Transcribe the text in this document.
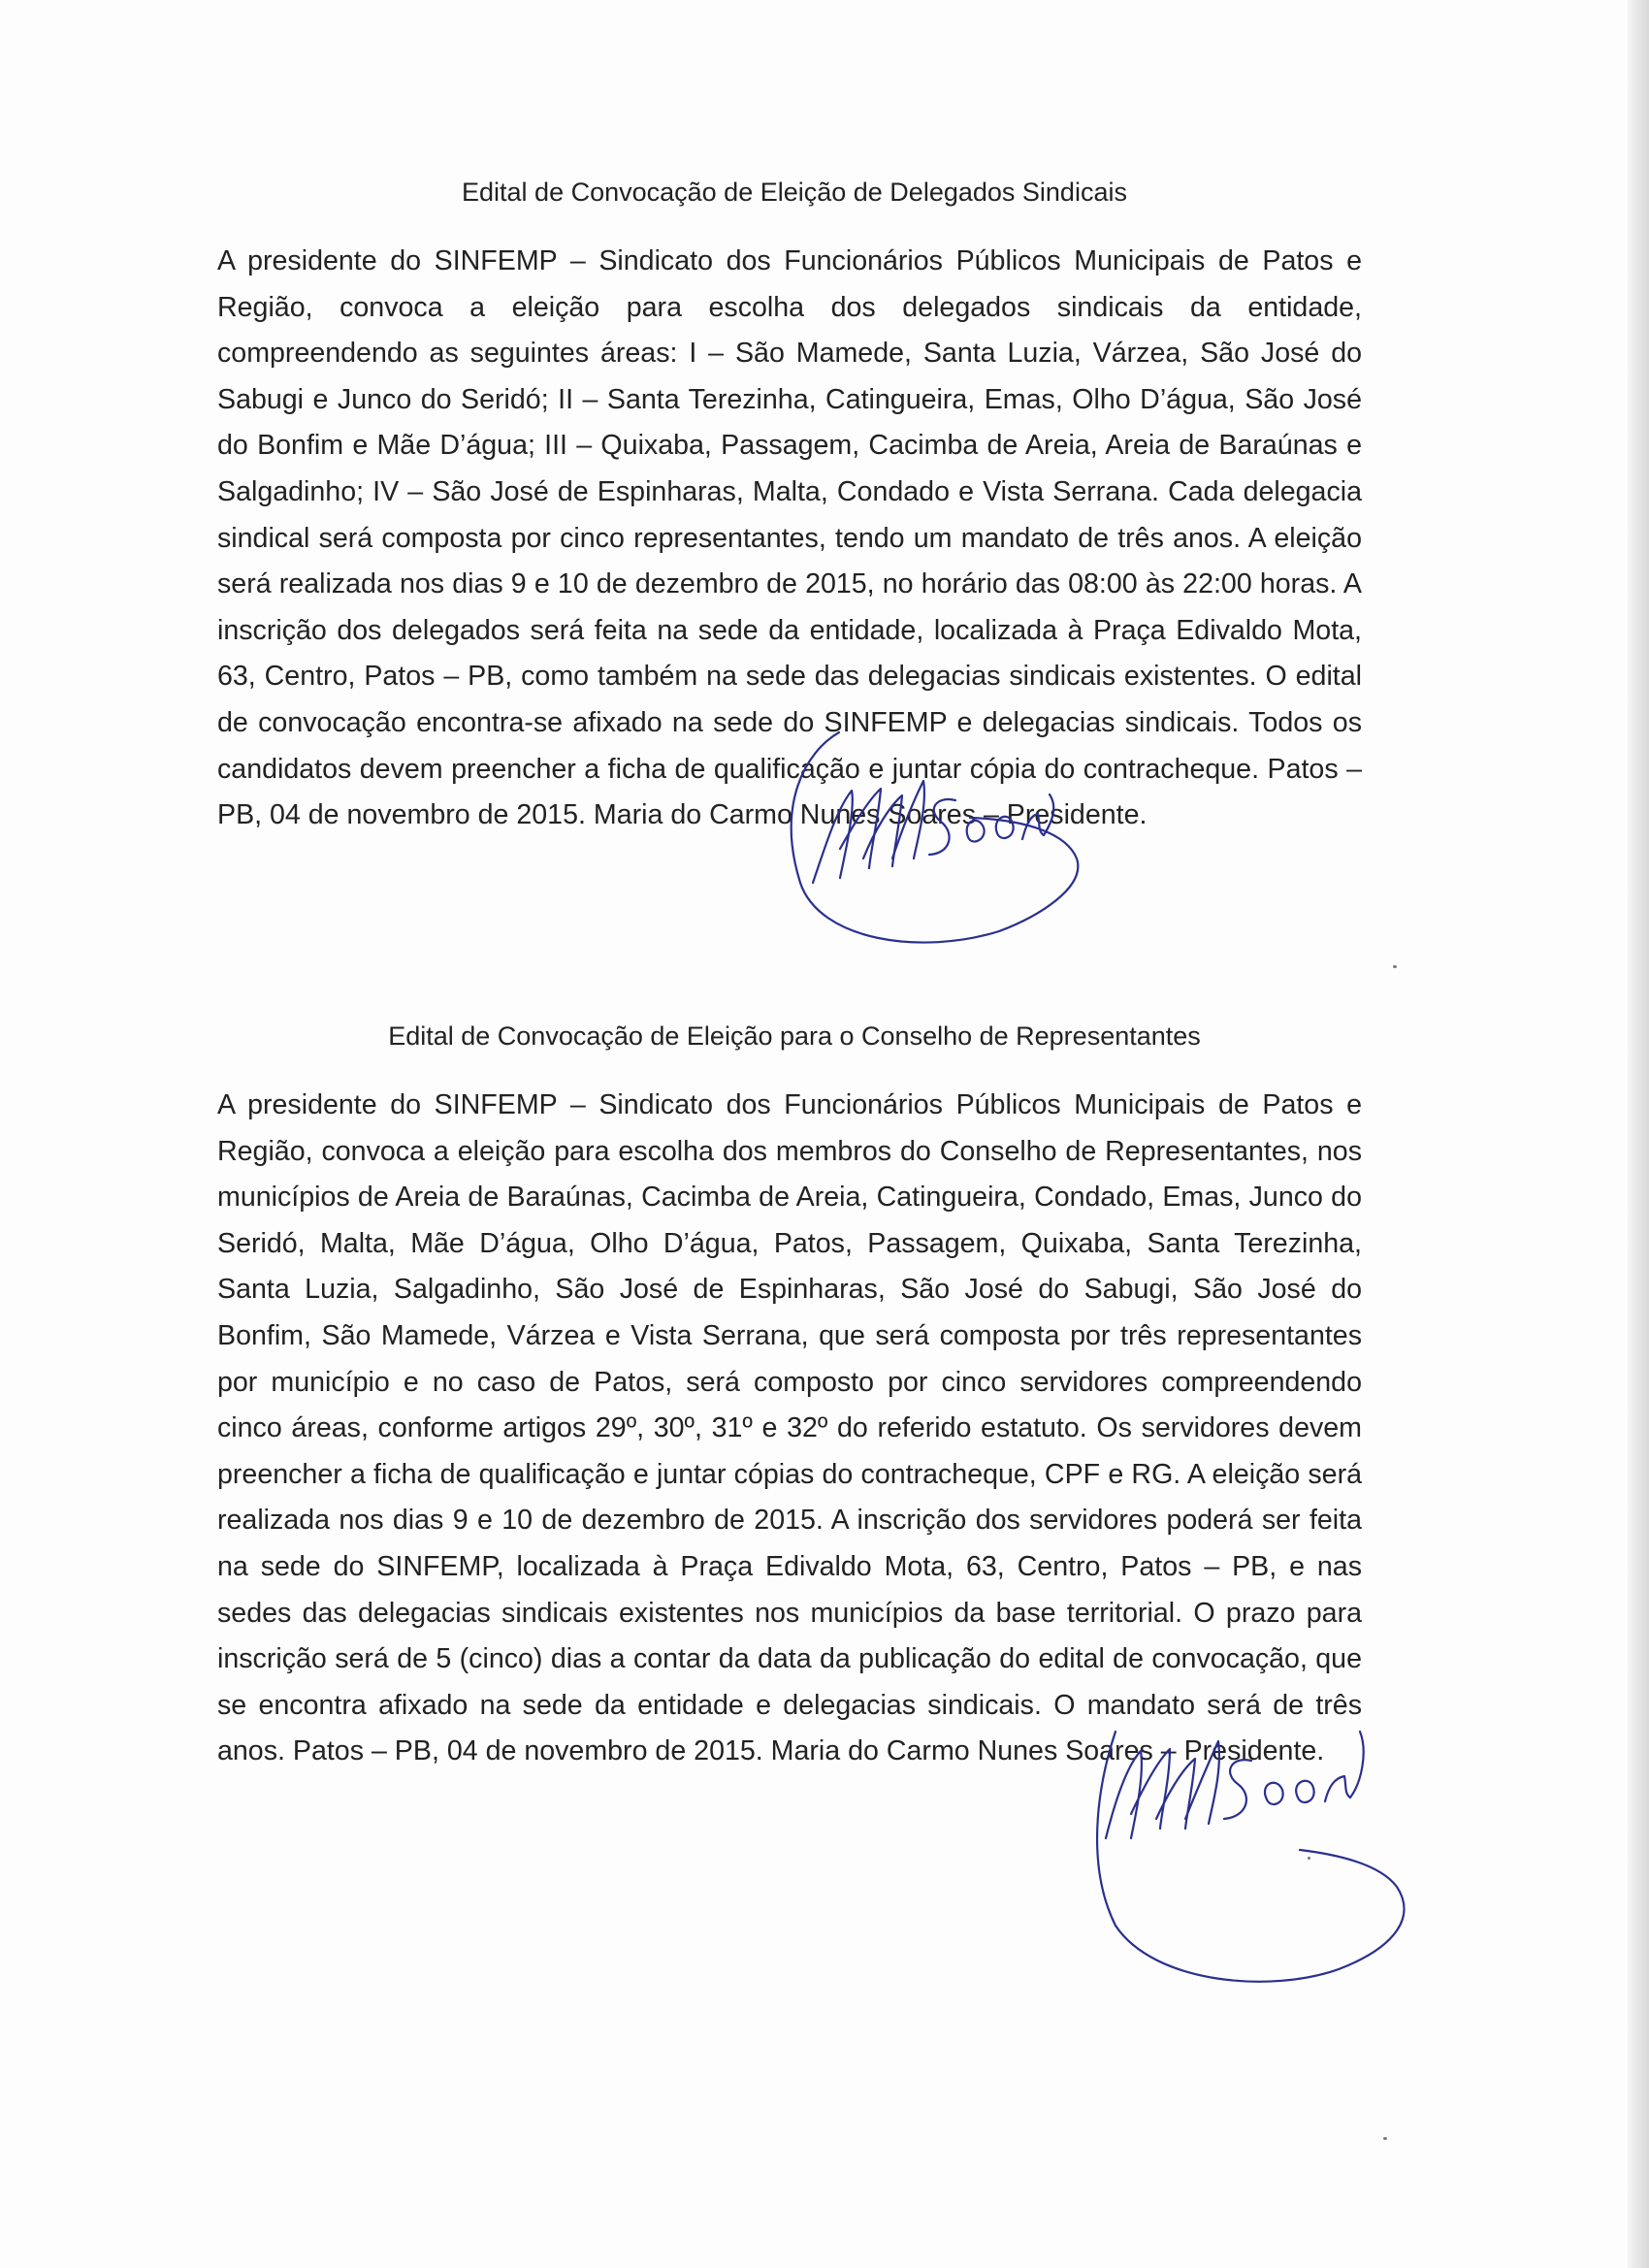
Edital de Convocação de Eleição de Delegados Sindicais

A presidente do SINFEMP – Sindicato dos Funcionários Públicos Municipais de Patos e Região, convoca a eleição para escolha dos delegados sindicais da entidade, compreendendo as seguintes áreas: I – São Mamede, Santa Luzia, Várzea, São José do Sabugi e Junco do Seridó; II – Santa Terezinha, Catingueira, Emas, Olho D’água, São José do Bonfim e Mãe D’água; III – Quixaba, Passagem, Cacimba de Areia, Areia de Baraúnas e Salgadinho; IV – São José de Espinharas, Malta, Condado e Vista Serrana. Cada delegacia sindical será composta por cinco representantes, tendo um mandato de três anos. A eleição será realizada nos dias 9 e 10 de dezembro de 2015, no horário das 08:00 às 22:00 horas. A inscrição dos delegados será feita na sede da entidade, localizada à Praça Edivaldo Mota, 63, Centro, Patos – PB, como também na sede das delegacias sindicais existentes. O edital de convocação encontra-se afixado na sede do SINFEMP e delegacias sindicais. Todos os candidatos devem preencher a ficha de qualificação e juntar cópia do contracheque. Patos – PB, 04 de novembro de 2015. Maria do Carmo Nunes Soares – Presidente.

Edital de Convocação de Eleição para o Conselho de Representantes

A presidente do SINFEMP – Sindicato dos Funcionários Públicos Municipais de Patos e Região, convoca a eleição para escolha dos membros do Conselho de Representantes, nos municípios de Areia de Baraúnas, Cacimba de Areia, Catingueira, Condado, Emas, Junco do Seridó, Malta, Mãe D’água, Olho D’água, Patos, Passagem, Quixaba, Santa Terezinha, Santa Luzia, Salgadinho, São José de Espinharas, São José do Sabugi, São José do Bonfim, São Mamede, Várzea e Vista Serrana, que será composta por três representantes por município e no caso de Patos, será composto por cinco servidores compreendendo cinco áreas, conforme artigos 29º, 30º, 31º e 32º do referido estatuto. Os servidores devem preencher a ficha de qualificação e juntar cópias do contracheque, CPF e RG. A eleição será realizada nos dias 9 e 10 de dezembro de 2015. A inscrição dos servidores poderá ser feita na sede do SINFEMP, localizada à Praça Edivaldo Mota, 63, Centro, Patos – PB, e nas sedes das delegacias sindicais existentes nos municípios da base territorial. O prazo para inscrição será de 5 (cinco) dias a contar da data da publicação do edital de convocação, que se encontra afixado na sede da entidade e delegacias sindicais. O mandato será de três anos. Patos – PB, 04 de novembro de 2015. Maria do Carmo Nunes Soares – Presidente.
